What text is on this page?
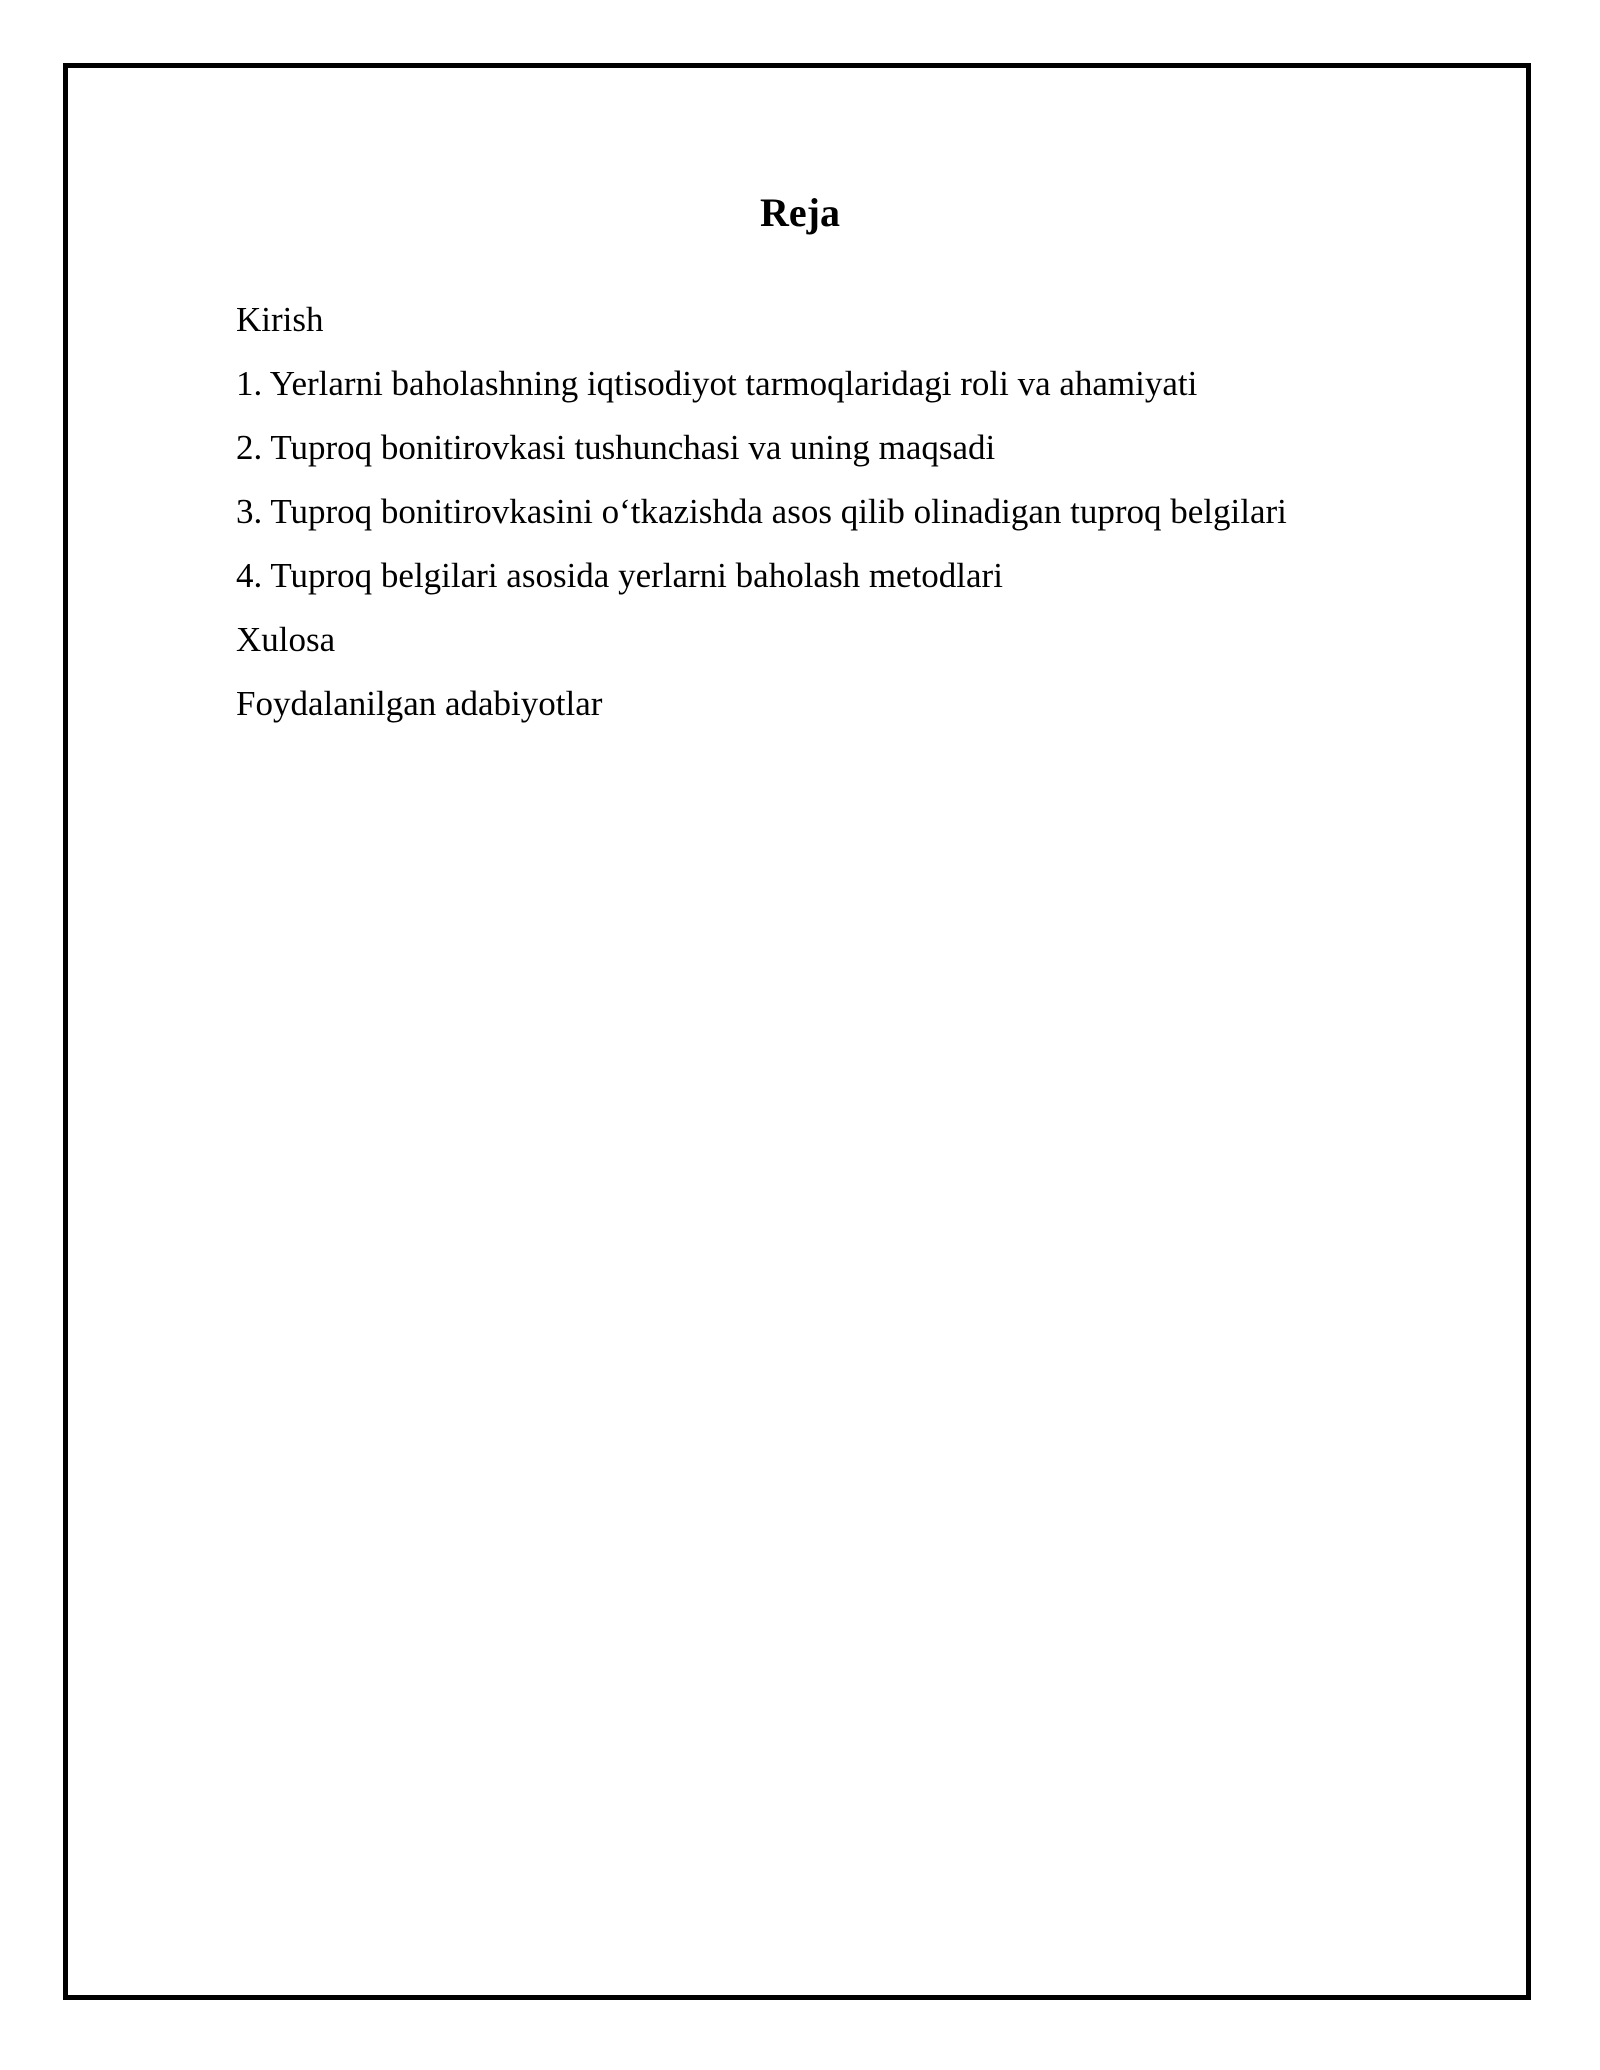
Reja
Kirish
1. Yerlarni baholashning iqtisodiyot tarmoqlaridagi roli va ahamiyati
2. Tuproq bonitirovkasi tushunchasi va uning maqsadi
3. Tuproq bonitirovkasini o‘tkazishda asos qilib olinadigan tuproq belgilari
4. Tuproq belgilari asosida yerlarni baholash metodlari
Xulosa
Foydalanilgan adabiyotlar
